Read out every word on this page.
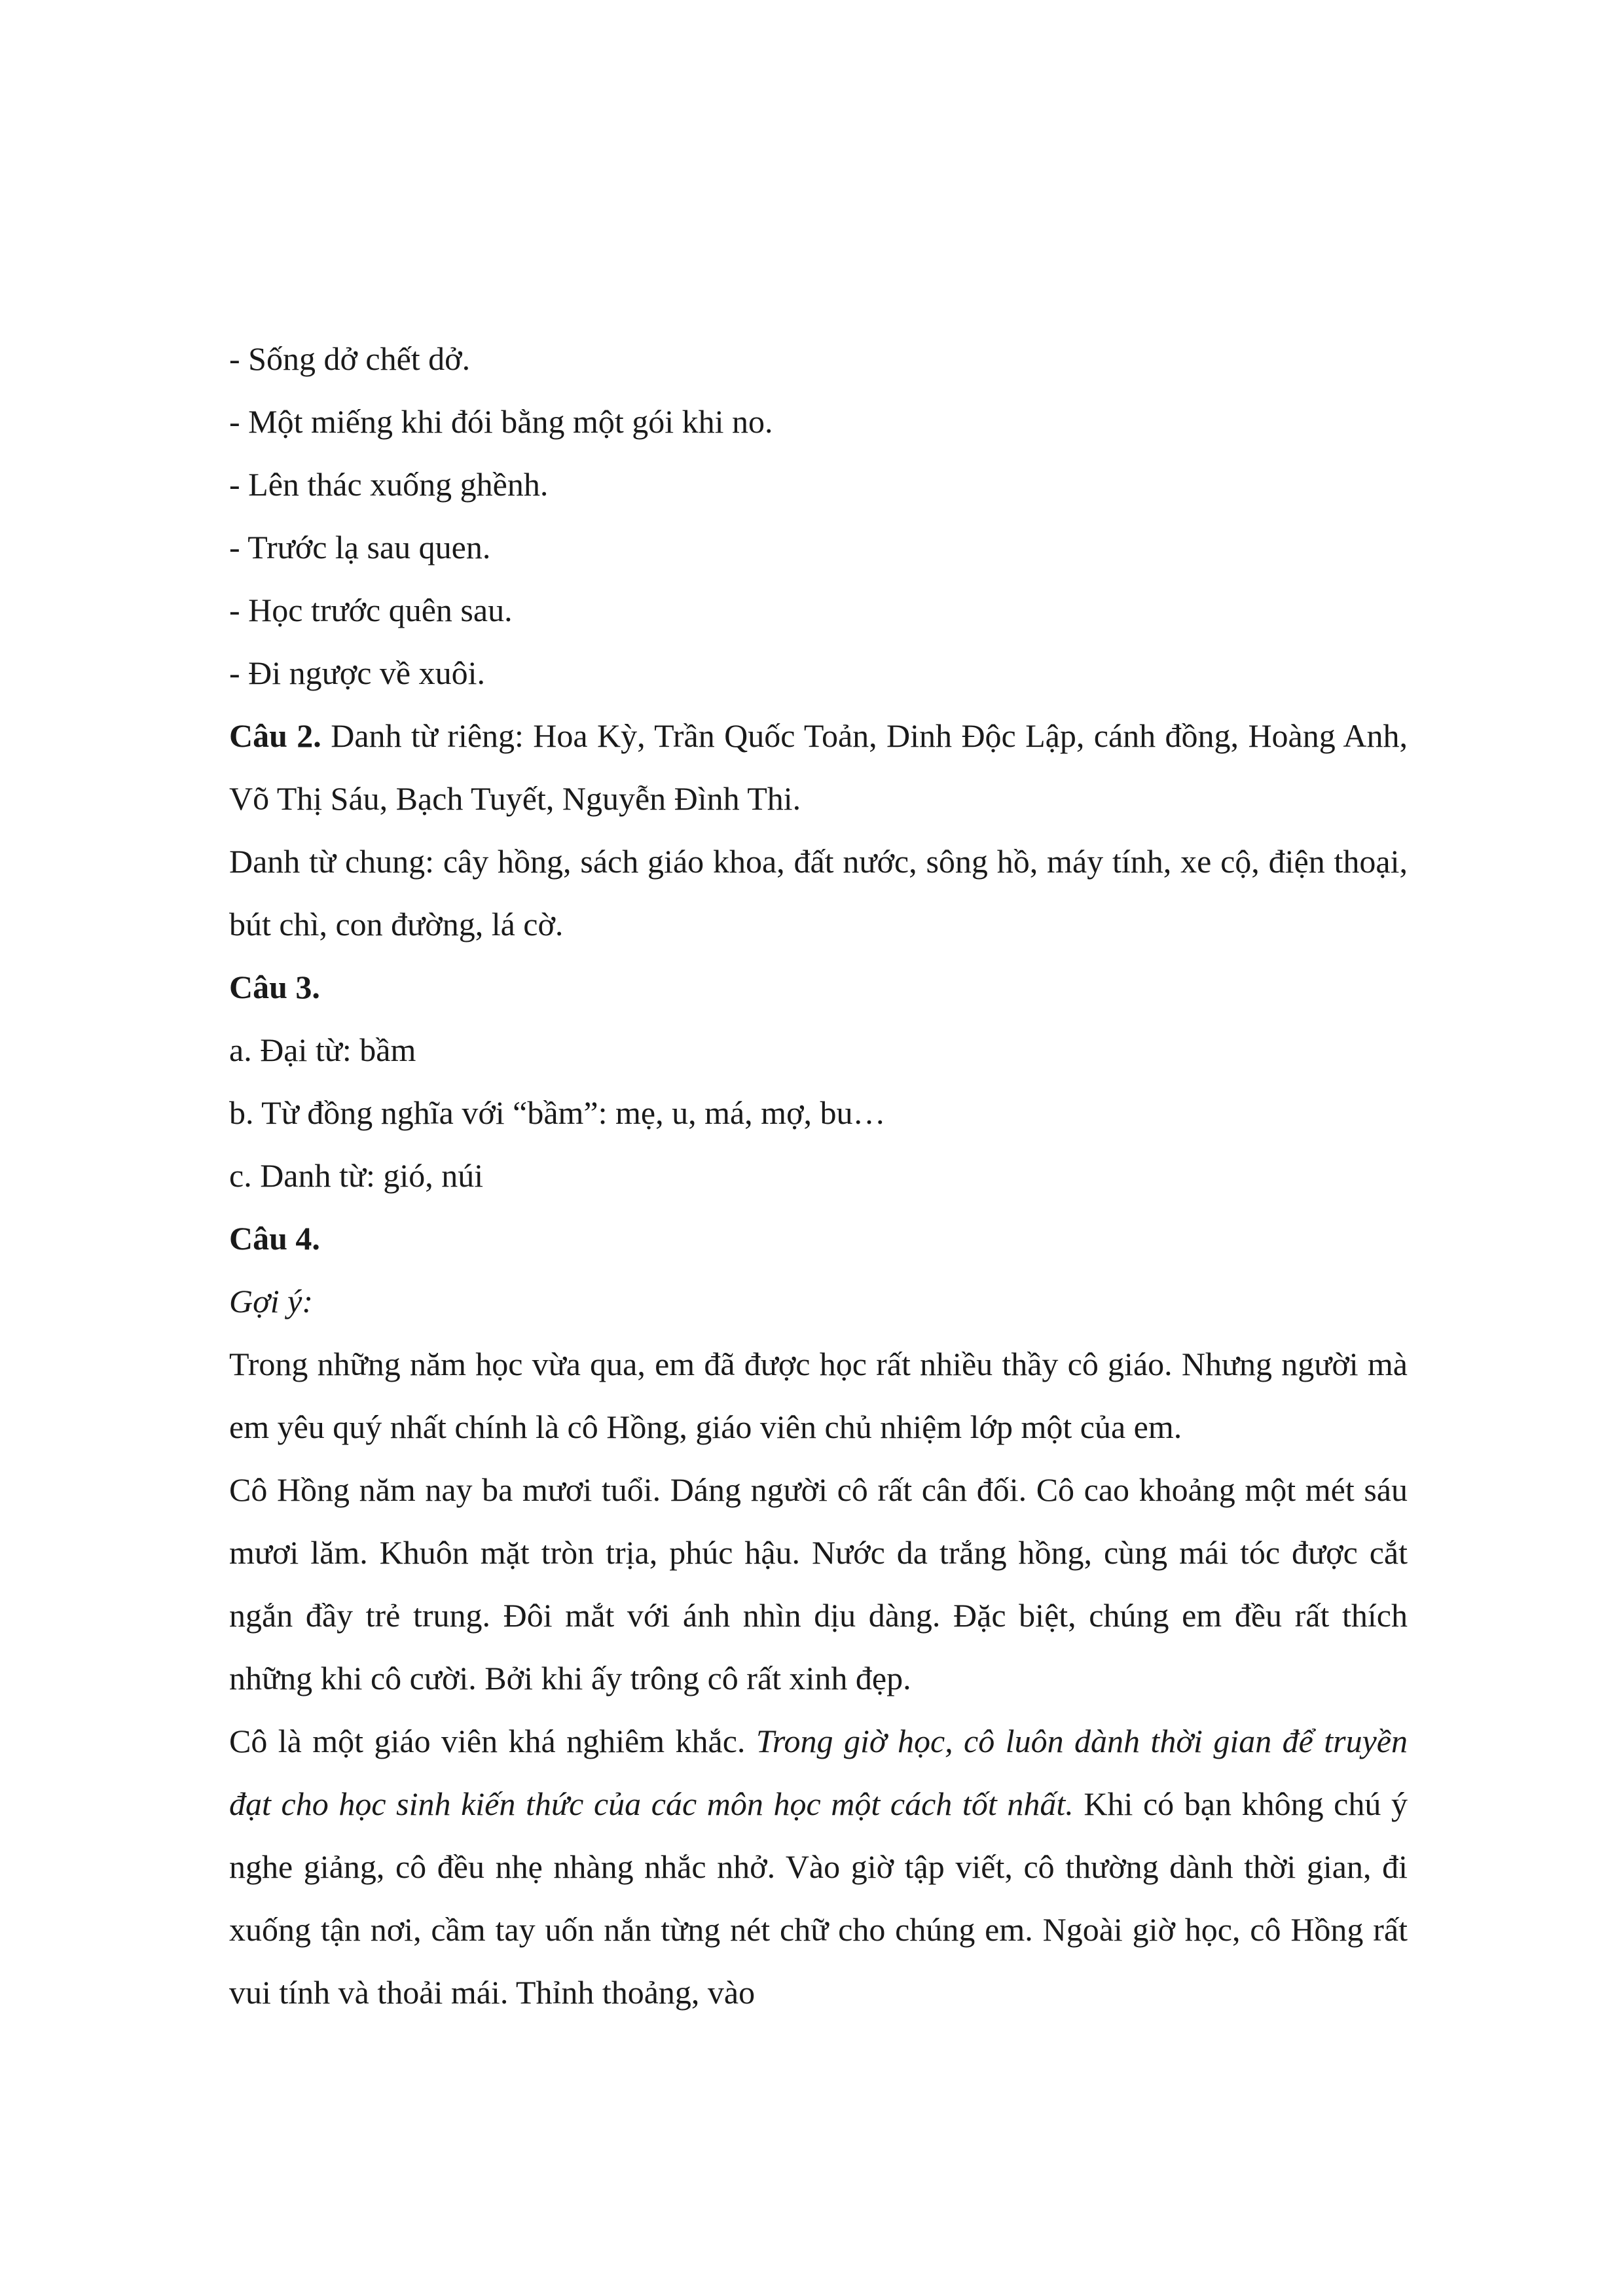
- Sống dở chết dở.
- Một miếng khi đói bằng một gói khi no.
- Lên thác xuống ghềnh.
- Trước lạ sau quen.
- Học trước quên sau.
- Đi ngược về xuôi.

Câu 2. Danh từ riêng: Hoa Kỳ, Trần Quốc Toản, Dinh Độc Lập, cánh đồng, Hoàng Anh, Võ Thị Sáu, Bạch Tuyết, Nguyễn Đình Thi.

Danh từ chung: cây hồng, sách giáo khoa, đất nước, sông hồ, máy tính, xe cộ, điện thoại, bút chì, con đường, lá cờ.

Câu 3.
a. Đại từ: bầm
b. Từ đồng nghĩa với “bầm”: mẹ, u, má, mợ, bu…
c. Danh từ: gió, núi
Câu 4.
Gợi ý:

Trong những năm học vừa qua, em đã được học rất nhiều thầy cô giáo. Nhưng người mà em yêu quý nhất chính là cô Hồng, giáo viên chủ nhiệm lớp một của em.

Cô Hồng năm nay ba mươi tuổi. Dáng người cô rất cân đối. Cô cao khoảng một mét sáu mươi lăm. Khuôn mặt tròn trịa, phúc hậu. Nước da trắng hồng, cùng mái tóc được cắt ngắn đầy trẻ trung. Đôi mắt với ánh nhìn dịu dàng. Đặc biệt, chúng em đều rất thích những khi cô cười. Bởi khi ấy trông cô rất xinh đẹp.

Cô là một giáo viên khá nghiêm khắc. Trong giờ học, cô luôn dành thời gian để truyền đạt cho học sinh kiến thức của các môn học một cách tốt nhất. Khi có bạn không chú ý nghe giảng, cô đều nhẹ nhàng nhắc nhở. Vào giờ tập viết, cô thường dành thời gian, đi xuống tận nơi, cầm tay uốn nắn từng nét chữ cho chúng em. Ngoài giờ học, cô Hồng rất vui tính và thoải mái. Thỉnh thoảng, vào
